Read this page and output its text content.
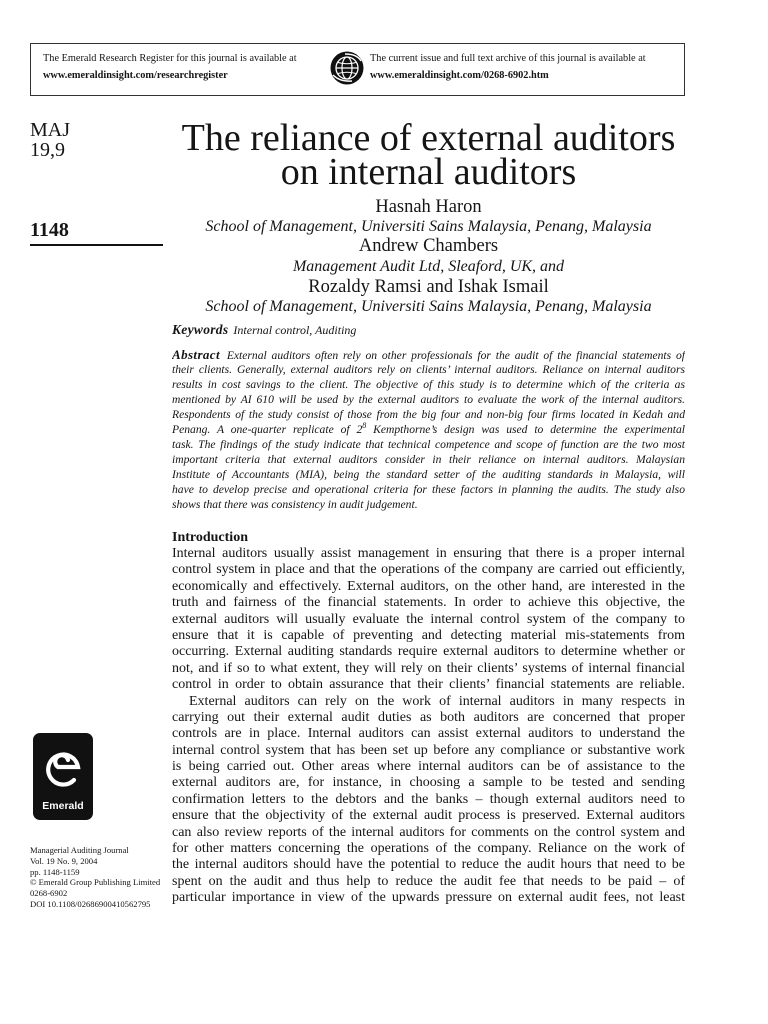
The Emerald Research Register for this journal is available at
www.emeraldinsight.com/researchregister
The current issue and full text archive of this journal is available at
www.emeraldinsight.com/0268-6902.htm
MAJ
19,9
1148
Emerald
Managerial Auditing Journal
Vol. 19 No. 9, 2004
pp. 1148-1159
© Emerald Group Publishing Limited
0268-6902
DOI 10.1108/02686900410562795
The reliance of external auditors
on internal auditors
Hasnah Haron
School of Management, Universiti Sains Malaysia, Penang, Malaysia
Andrew Chambers
Management Audit Ltd, Sleaford, UK, and
Rozaldy Ramsi and Ishak Ismail
School of Management, Universiti Sains Malaysia, Penang, Malaysia
Keywords Internal control, Auditing
Abstract External auditors often rely on other professionals for the audit of the financial statements of
their clients. Generally, external auditors rely on clients’ internal auditors. Reliance on internal auditors
results in cost savings to the client. The objective of this study is to determine which of the criteria as
mentioned by AI 610 will be used by the external auditors to evaluate the work of the internal auditors.
Respondents of the study consist of those from the big four and non-big four firms located in Kedah and
Penang. A one-quarter replicate of $2^8$ Kempthorne’s design was used to determine the experimental
task. The findings of the study indicate that technical competence and scope of function are the two most
important criteria that external auditors consider in their reliance on internal auditors. Malaysian
Institute of Accountants (MIA), being the standard setter of the auditing standards in Malaysia, will
have to develop precise and operational criteria for these factors in planning the audits. The study also
shows that there was consistency in audit judgement.
Introduction
Internal auditors usually assist management in ensuring that there is a proper internal
control system in place and that the operations of the company are carried out efficiently,
economically and effectively. External auditors, on the other hand, are interested in the
truth and fairness of the financial statements. In order to achieve this objective, the
external auditors will usually evaluate the internal control system of the company to
ensure that it is capable of preventing and detecting material mis-statements from
occurring. External auditing standards require external auditors to determine whether or
not, and if so to what extent, they will rely on their clients’ systems of internal financial
control in order to obtain assurance that their clients’ financial statements are reliable.
External auditors can rely on the work of internal auditors in many respects in
carrying out their external audit duties as both auditors are concerned that proper
controls are in place. Internal auditors can assist external auditors to understand the
internal control system that has been set up before any compliance or substantive work
is being carried out. Other areas where internal auditors can be of assistance to the
external auditors are, for instance, in choosing a sample to be tested and sending
confirmation letters to the debtors and the banks – though external auditors need to
ensure that the objectivity of the external audit process is preserved. External auditors
can also review reports of the internal auditors for comments on the control system and
for other matters concerning the operations of the company. Reliance on the work of
the internal auditors should have the potential to reduce the audit hours that need to be
spent on the audit and thus help to reduce the audit fee that needs to be paid – of
particular importance in view of the upwards pressure on external audit fees, not least
